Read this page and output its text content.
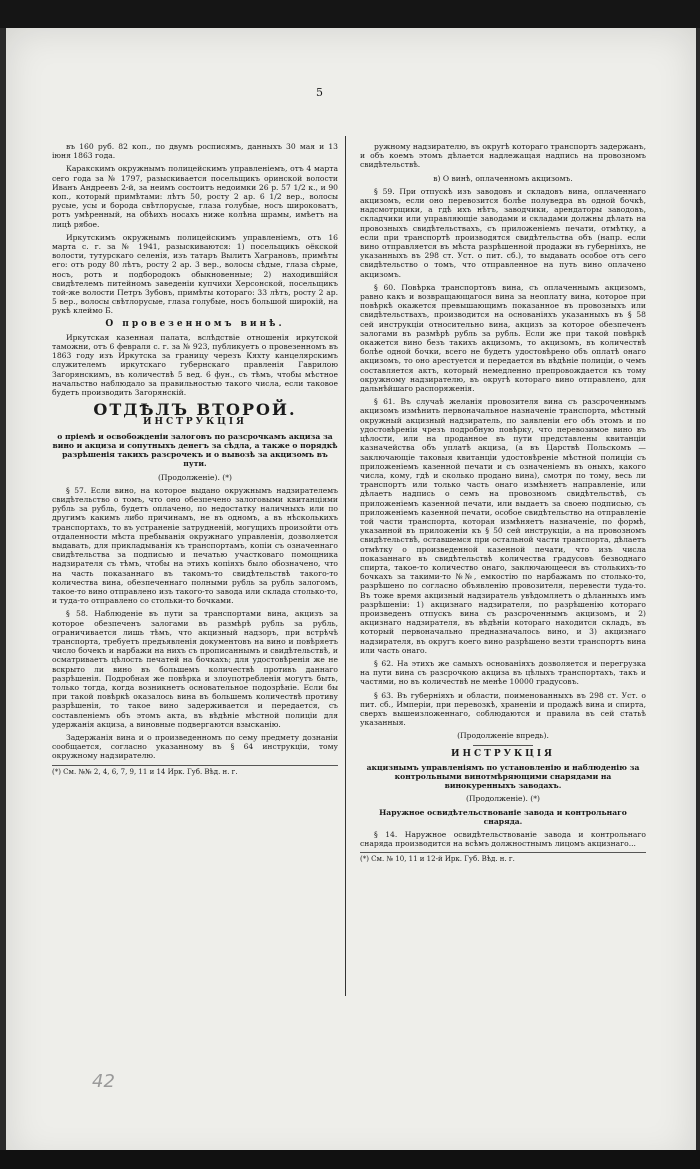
5

въ 160 руб. 82 коп., по двумъ росписямъ, данныхъ 30 мая и 13 іюня 1863 года.

Каракскимъ окружнымъ полицейскимъ управленіемъ, отъ 4 марта сего года за № 1797, разыскивается посельщикъ оринской волости Иванъ Андреевъ 2-й, за неимъ состоитъ недоимки 26 р. 57 1/2 к., и 90 коп., который примѣтами: лѣтъ 50, росту 2 ар. 6 1/2 вер., волосы русые, усы и борода свѣтлорусые, глаза голубые, носъ широковатъ, ротъ умѣренный, на обѣихъ носахъ ниже колѣна шрамы, имѣетъ на лицѣ рябое.

Иркутскимъ окружнымъ полицейскимъ управленіемъ, отъ 16 марта с. г. за № 1941, разыскиваются: 1) посельщикъ оёкской волости, тутурскаго селенія, изъ татаръ Вылитъ Хаграновъ, примѣты его: отъ роду 80 лѣтъ, росту 2 ар. 3 вер., волосы сѣдые, глаза сѣрые, носъ, ротъ и подбородокъ обыкновенные; 2) находившійся свидѣтелемъ питейномъ заведеніи купчихи Херсонской, посельщикъ той-же волости Петръ Зубовъ, примѣты котораго: 33 лѣтъ, росту 2 ар. 5 вер., волосы свѣтлорусые, глаза голубые, носъ большой широкій, на рукѣ клеймо Б.

О провезенномъ винѣ.

Иркутская казенная палата, вслѣдствіе отношенія иркутской таможни, отъ 6 февраля с. г. за № 923, публикуетъ о провезенномъ въ 1863 году изъ Иркутска за границу черезъ Кяхту канцелярскимъ служителемъ иркутскаго губернскаго правленія Гаврилою Загорянскимъ, въ количествѣ 5 вед. 6 фун., съ тѣмъ, чтобы мѣстное начальство наблюдало за правильностью такого числа, если таковое будетъ производить Загорянскій.

ОТДѢЛЪ ВТОРОЙ.

ИНСТРУКЦІЯ

о пріемѣ и освобожденіи залоговъ по разсрочкамъ акциза за вино и акциза и сопутныхъ денегъ за сѣдла, а также о порядкѣ разрѣшенія такихъ разсрочекъ и о вывозѣ за акцизомъ въ пути.

(Продолженіе). (*)

§ 57. Если вино, на которое выдано окружнымъ надзирателемъ свидѣтельство о томъ, что оно обезпечено залоговыми квитанціями рубль за рубль, будетъ оплачено, по недостатку наличныхъ или по другимъ какимъ либо причинамъ, не въ одномъ, а въ нѣсколькихъ транспортахъ, то въ устраненіе затрудненій, могущихъ произойти отъ отдаленности мѣста пребыванія окружнаго управленія, дозволяется выдавать, для прикладыванія къ транспортамъ, копіи съ означеннаго свидѣтельства за подписью и печатью участковаго помощника надзирателя съ тѣмъ, чтобы на этихъ копіяхъ было обозначено, что на часть показаннаго въ такомъ-то свидѣтельствѣ такого-то количества вина, обезпеченнаго полными рубль за рубль залогомъ, такое-то вино отправлено изъ такого-то завода или склада столько-то, и туда-то отправлено со стольки-то бочками.

§ 58. Наблюденіе въ пути за транспортами вина, акцизъ за которое обезпеченъ залогами въ размѣрѣ рубль за рубль, ограничивается лишь тѣмъ, что акцизный надзоръ, при встрѣчѣ транспорта, требуетъ предъявленія документовъ на вино и повѣряетъ число бочекъ и нарбажи на нихъ съ прописаннымъ и свидѣтельствѣ, и осматриваетъ цѣлость печатей на бочкахъ; для удостовѣренія же не вскрыто ли вино въ большемъ количествѣ противъ даннаго разрѣшенія. Подробная же повѣрка и злоупотребленія могутъ быть, только тогда, когда возникнетъ основательное подозрѣніе. Если бы при такой повѣркѣ оказалось вина въ большемъ количествѣ противу разрѣшенія, то такое вино задерживается и передается, съ составленіемъ объ этомъ акта, въ вѣдѣніе мѣстной полиціи для удержанія акциза, а виновные подвергаются взысканію.

Задержанія вина и о произведенномъ по сему предмету дознаніи сообщается, согласно указанному въ § 64 инструкціи, тому окружному надзирателю.

(*) См. №№ 2, 4, 6, 7, 9, 11 и 14 Ирк. Губ. Вѣд. н. г.

ружному надзирателю, въ округѣ котораго транспортъ задержанъ, и объ коемъ этомъ дѣлается надлежащая надпись на провозномъ свидѣтельствѣ.

в) О винѣ, оплаченномъ акцизомъ.

§ 59. При отпускѣ изъ заводовъ и складовъ вина, оплаченнаго акцизомъ, если оно перевозится болѣе полуведра въ одной бочкѣ, надсмотрщики, а гдѣ ихъ нѣтъ, заводчики, арендаторы заводовъ, складчики или управляющіе заводами и складами должны дѣлать на провозныхъ свидѣтельствахъ, съ приложеніемъ печати, отмѣтку, а если при транспортѣ производятся свидѣтельства объ (напр. если вино отправляется въ мѣста разрѣшенной продажи въ губерніяхъ, не указанныхъ въ 298 ст. Уст. о пит. сб.), то выдавать особое отъ сего свидѣтельство о томъ, что отправленное на путь вино оплачено акцизомъ.

§ 60. Повѣрка транспортовъ вина, съ оплаченнымъ акцизомъ, равно какъ и возвращающагося вина за неоплату вина, которое при повѣркѣ окажется превышающимъ показанное въ провозныхъ или свидѣтельствахъ, производится на основаніяхъ указанныхъ въ § 58 сей инструкціи относительно вина, акцизъ за которое обезпеченъ залогами въ размѣрѣ рубль за рубль. Если же при такой повѣркѣ окажется вино безъ такихъ акцизомъ, то акцизомъ, въ количествѣ болѣе одной бочки, всего не будетъ удостовѣрено объ оплатѣ онаго акцизомъ, то оно арестуется и передается въ вѣдѣніе полиціи, о чемъ составляется актъ, который немедленно препровождается къ тому окружному надзирателю, въ округѣ котораго вино отправлено, для дальнѣйшаго распоряженія.

§ 61. Въ случаѣ желанія провозителя вина съ разсроченнымъ акцизомъ измѣнить первоначальное назначеніе транспорта, мѣстный окружный акцизный надзиратель, по заявленіи его объ этомъ и по удостовѣреніи чрезъ подробную повѣрку, что перевозимое вино въ цѣлости, или на проданное въ пути представлены квитанціи казначейства объ уплатѣ акциза, (а въ Царствѣ Польскомъ — заключающіе таковыя квитанціи удостовѣреніе мѣстной полиціи съ приложеніемъ казенной печати и съ означеніемъ въ оныхъ, какого числа, кому, гдѣ и сколько продано вина), смотря по тому, весь ли транспортъ или только часть онаго измѣняетъ направленіе, или дѣлаетъ надпись о семъ на провозномъ свидѣтельствѣ, съ приложеніемъ казенной печати, или выдаетъ за своею подписью, съ приложеніемъ казенной печати, особое свидѣтельство на отправленіе той части транспорта, которая измѣняетъ назначеніе, по формѣ, указанной въ приложеніи къ § 50 сей инструкціи, а на провозномъ свидѣтельствѣ, оставшемся при остальной части транспорта, дѣлаетъ отмѣтку о произведенной казенной печати, что изъ числа показаннаго въ свидѣтельствѣ количества градусовъ безводнаго спирта, такое-то количество онаго, заключающееся въ столькихъ-то бочкахъ за такими-то №№, емкостію по нарбажамъ по столько-то, разрѣшено по согласно объявленію провозителя, перевести туда-то. Въ тоже время акцизный надзиратель увѣдомляетъ о дѣланныхъ имъ разрѣшеніи: 1) акцизнаго надзирателя, по разрѣшенію котораго произведенъ отпускъ вина съ разсроченнымъ акцизомъ, и 2) акцизнаго надзирателя, въ вѣдѣніи котораго находится складъ, въ который первоначально предназначалось вино, и 3) акцизнаго надзирателя, въ округъ коего вино разрѣшено везти транспортъ вина или часть онаго.

§ 62. На этихъ же самыхъ основаніяхъ дозволяется и перегрузка на пути вина съ разсрочкою акциза въ цѣлыхъ транспортахъ, такъ и частями, но въ количествѣ не менѣе 10000 градусовъ.

§ 63. Въ губерніяхъ и области, поименованныхъ въ 298 ст. Уст. о пит. сб., Имперіи, при перевозкѣ, храненіи и продажѣ вина и спирта, сверхъ вышеизложеннаго, соблюдаются и правила въ сей статьѣ указанныя.

(Продолженіе впредь).

ИНСТРУКЦІЯ

акцизнымъ управленіямъ по установленію и наблюденію за контрольными винотмѣряющими снарядами на винокуренныхъ заводахъ.

(Продолженіе). (*)

Наружное освидѣтельствованіе завода и контрольнаго снаряда.

§ 14. Наружное освидѣтельствованіе завода и контрольнаго снаряда производится на всѣмъ должностнымъ лицомъ акцизнаго...

(*) См. № 10, 11 и 12-й Ирк. Губ. Вѣд. н. г.

42
